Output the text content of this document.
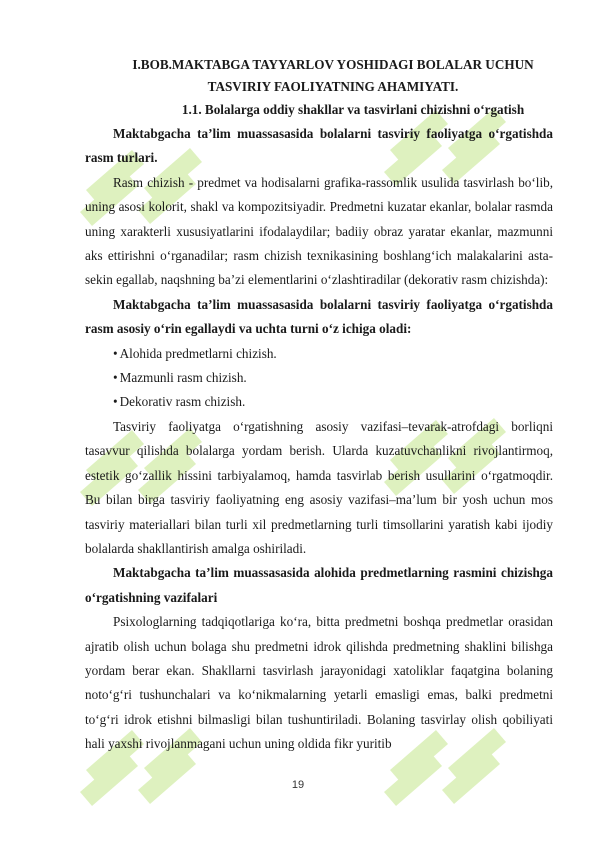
I.BOB.MAKTABGA TAYYARLOV YOSHIDAGI BOLALAR UCHUN

TASVIRIY FAOLIYATNING AHAMIYATI.

1.1. Bolalarga oddiy shakllar va tasvirlani chizishni o‘rgatish

Maktabgacha ta’lim muassasasida bolalarni tasviriy faoliyatga o‘rgatishda rasm turlari.

Rasm chizish - predmet va hodisalarni grafika-rassomlik usulida tasvirlash bo‘lib, uning asosi kolorit, shakl va kompozitsiyadir. Predmetni kuzatar ekanlar, bolalar rasmda uning xarakterli xususiyatlarini ifodalaydilar; badiiy obraz yaratar ekanlar, mazmunni aks ettirishni o‘rganadilar; rasm chizish texnikasining boshlang‘ich malakalarini asta-sekin egallab, naqshning ba’zi elementlarini o‘zlashtiradilar (dekorativ rasm chizishda):

Maktabgacha ta’lim muassasasida bolalarni tasviriy faoliyatga o‘rgatishda rasm asosiy o‘rin egallaydi va uchta turni o‘z ichiga oladi:

• Alohida predmetlarni chizish.
• Mazmunli rasm chizish.
• Dekorativ rasm chizish.

Tasviriy faoliyatga o‘rgatishning asosiy vazifasi–tevarak-atrofdagi borliqni tasavvur qilishda bolalarga yordam berish. Ularda kuzatuvchanlikni rivojlantirmoq, estetik go‘zallik hissini tarbiyalamoq, hamda tasvirlab berish usullarini o‘rgatmoqdir. Bu bilan birga tasviriy faoliyatning eng asosiy vazifasi–ma’lum bir yosh uchun mos tasviriy materiallari bilan turli xil predmetlarning turli timsollarini yaratish kabi ijodiy bolalarda shakllantirish amalga oshiriladi.

Maktabgacha ta’lim muassasasida alohida predmetlarning rasmini chizishga o‘rgatishning vazifalari

Psixologlarning tadqiqotlariga ko‘ra, bitta predmetni boshqa predmetlar orasidan ajratib olish uchun bolaga shu predmetni idrok qilishda predmetning shaklini bilishga yordam berar ekan. Shakllarni tasvirlash jarayonidagi xatoliklar faqatgina bolaning noto‘g‘ri tushunchalari va ko‘nikmalarning yetarli emasligi emas, balki predmetni to‘g‘ri idrok etishni bilmasligi bilan tushuntiriladi. Bolaning tasvirlay olish qobiliyati hali yaxshi rivojlanmagani uchun uning oldida fikr yuritib

19
